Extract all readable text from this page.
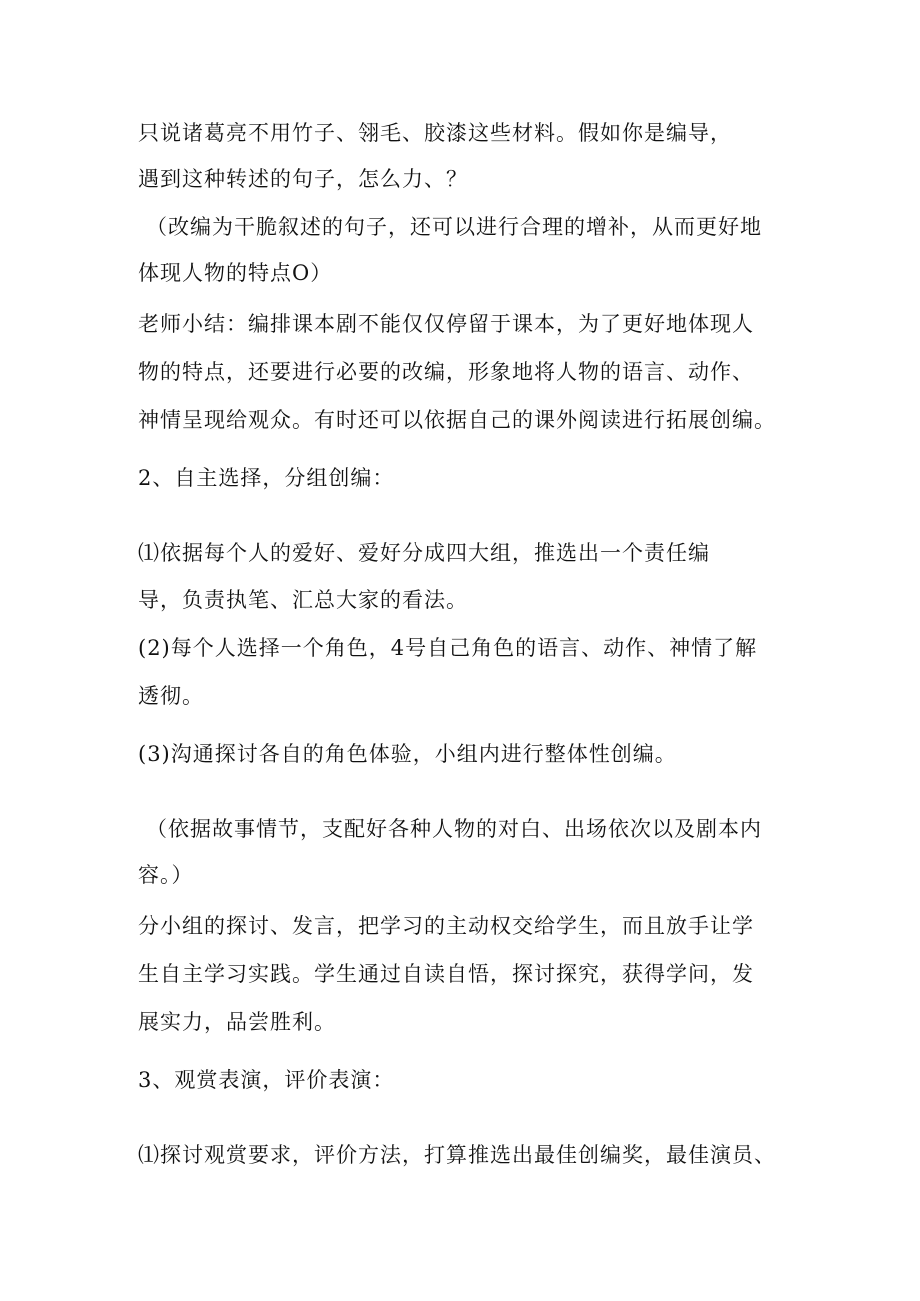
只说诸葛亮不用竹子、翎毛、胶漆这些材料。假如你是编导，
遇到这种转述的句子，怎么力、？
（改编为干脆叙述的句子，还可以进行合理的增补，从而更好地
体现人物的特点O）
老师小结：编排课本剧不能仅仅停留于课本，为了更好地体现人
物的特点，还要进行必要的改编，形象地将人物的语言、动作、
神情呈现给观众。有时还可以依据自己的课外阅读进行拓展创编。
2、自主选择，分组创编：
⑴依据每个人的爱好、爱好分成四大组，推选出一个责任编
导，负责执笔、汇总大家的看法。
(2)每个人选择一个角色，4号自己角色的语言、动作、神情了解
透彻。
(3)沟通探讨各自的角色体验，小组内进行整体性创编。
（依据故事情节，支配好各种人物的对白、出场依次以及剧本内
容。）
分小组的探讨、发言，把学习的主动权交给学生，而且放手让学
生自主学习实践。学生通过自读自悟，探讨探究，获得学问，发
展实力，品尝胜利。
3、观赏表演，评价表演：
⑴探讨观赏要求，评价方法，打算推选出最佳创编奖，最佳演员、
